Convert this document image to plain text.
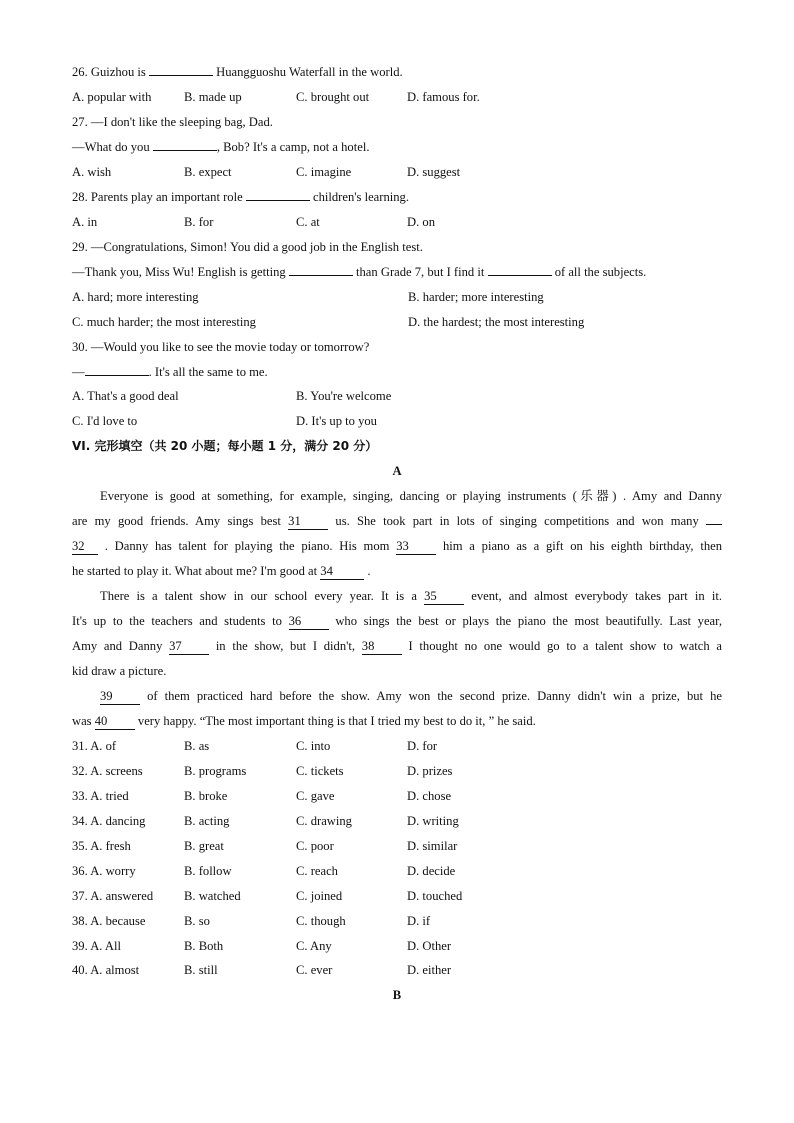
26. Guizhou is	Huangguoshu Waterfall in the world.
A. popular with	B. made up	C. brought out	D. famous for.
27. —I don't like the sleeping bag, Dad.
—What do you	, Bob? It's a camp, not a hotel.
A. wish	B. expect	C. imagine	D. suggest
28. Parents play an important role	children's learning.
A. in	B. for	C. at	D. on
29. —Congratulations, Simon! You did a good job in the English test.
—Thank you, Miss Wu! English is getting	than Grade 7, but I find it	of all the subjects.
A. hard; more interesting	B. harder; more interesting
C. much harder; the most interesting	D. the hardest; the most interesting
30. —Would you like to see the movie today or tomorrow?
—	. It's all the same to me.
A. That's a good deal	B. You're welcome
C. I'd love to	D. It's up to you
VI. 完形填空（共 20 小题；每小题 1 分，满分 20 分）
A
Everyone is good at something, for example, singing, dancing or playing instruments (乐器) . Amy and Danny
are my good friends. Amy sings best 31	us. She took part in lots of singing competitions and won many
32 . Danny has talent for playing the piano. His mom 33	him a piano as a gift on his eighth birthday, then
he started to play it. What about me? I'm good at 34	.
There is a talent show in our school every year. It is a 35	event, and almost everybody takes part in it.
It's up to the teachers and students to 36	who sings the best or plays the piano the most beautifully. Last year,
Amy and Danny 37	in the show, but I didn't, 38	I thought no one would go to a talent show to watch a
kid draw a picture.
39	of them practiced hard before the show. Amy won the second prize. Danny didn't win a prize, but he
was 40 very happy. “The most important thing is that I tried my best to do it, ” he said.
31. A. of	B. as	C. into	D. for
32. A. screens	B. programs	C. tickets	D. prizes
33. A. tried	B. broke	C. gave	D. chose
34. A. dancing	B. acting	C. drawing	D. writing
35. A. fresh	B. great	C. poor	D. similar
36. A. worry	B. follow	C. reach	D. decide
37. A. answered B. watched	C. joined	D. touched
38. A. because	B. so	C. though	D. if
39. A. All	B. Both	C. Any	D. Other
40. A. almost	B. still	C. ever	D. either
B
